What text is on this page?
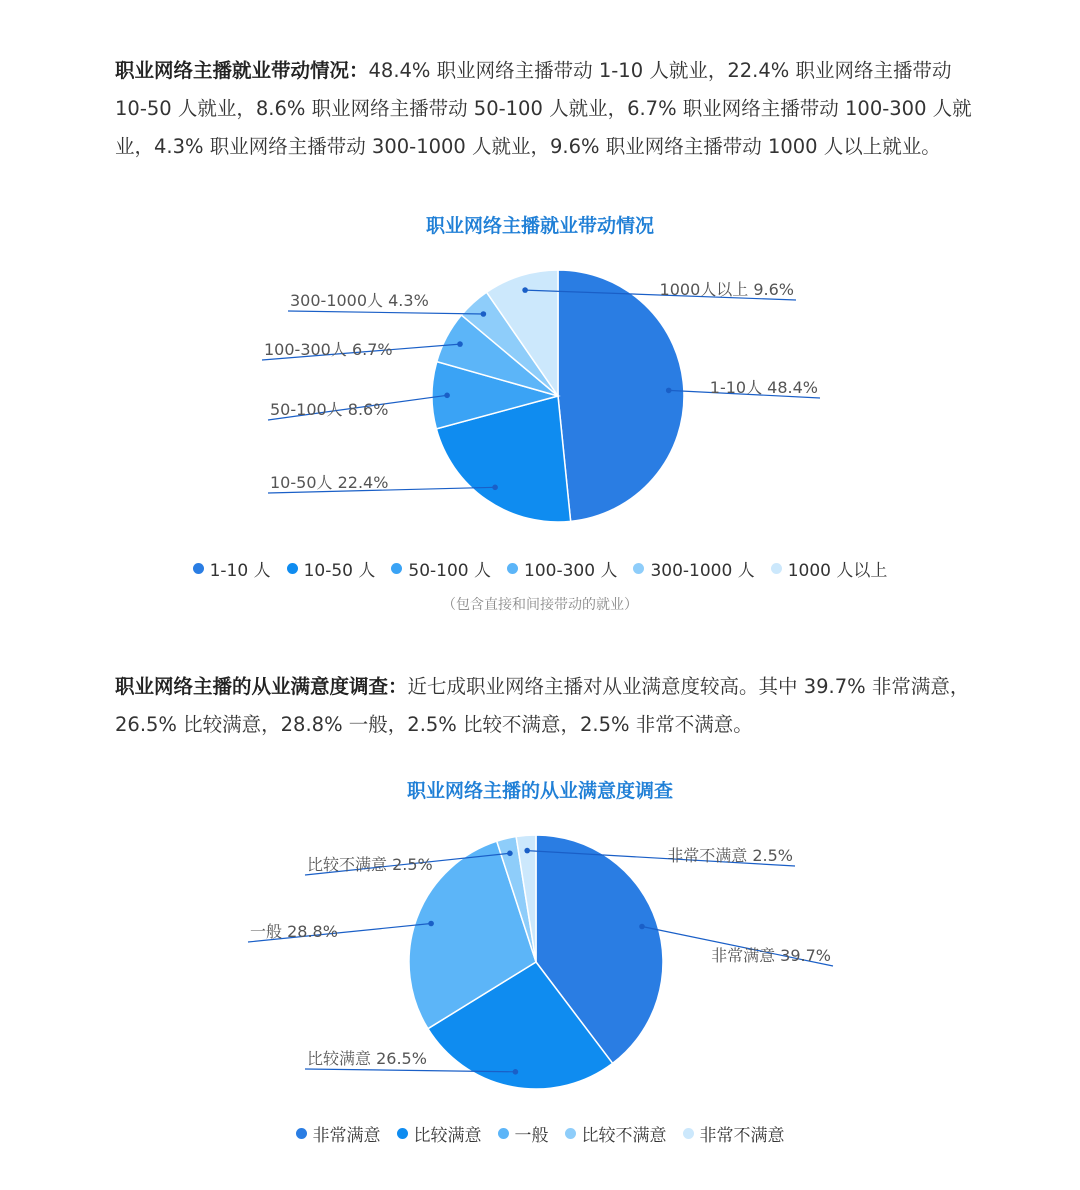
职业网络主播就业带动情况：48.4% 职业网络主播带动 1-10 人就业，22.4% 职业网络主播带动 10-50 人就业，8.6% 职业网络主播带动 50-100 人就业，6.7% 职业网络主播带动 100-300 人就业，4.3% 职业网络主播带动 300-1000 人就业，9.6% 职业网络主播带动 1000 人以上就业。

职业网络主播就业带动情况
1-10人 48.4%
10-50人 22.4%
50-100人 8.6%
100-300人 6.7%
300-1000人 4.3%
1000人以上 9.6%
1-10 人 10-50 人 50-100 人 100-300 人 300-1000 人 1000 人以上
（包含直接和间接带动的就业）

职业网络主播的从业满意度调查：近七成职业网络主播对从业满意度较高。其中 39.7% 非常满意，26.5% 比较满意，28.8% 一般，2.5% 比较不满意，2.5% 非常不满意。

职业网络主播的从业满意度调查
非常满意 39.7%
比较满意 26.5%
一般 28.8%
比较不满意 2.5%	非常不满意 2.5%
非常满意 比较满意 一般 比较不满意 非常不满意
